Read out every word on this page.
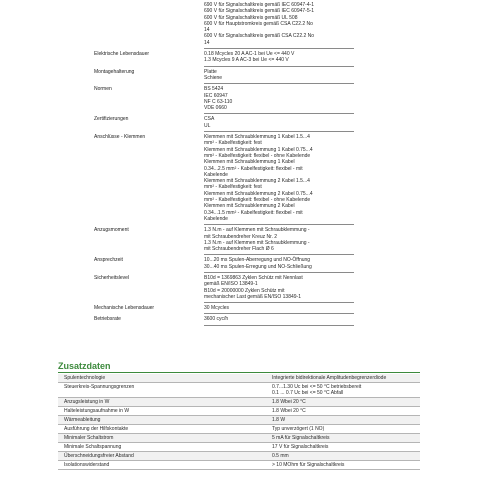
690 V für Signalschaltkreis gemäß IEC 60947-4-1
690 V für Signalschaltkreis gemäß IEC 60947-5-1
600 V für Signalschaltkreis gemäß UL 508
600 V für Hauptstromkreis gemäß CSA C22.2 No
14
600 V für Signalschaltkreis gemäß CSA C22.2 No
14
Elektrische Lebensdauer	0.18 Mcycles 20 A AC-1 bei Ue <= 440 V
1.3 Mcycles 9 A AC-3 bei Ue <= 440 V
Montagehalterung	Platte
Schiene
Normen	BS 5424
IEC 60947
NF C 63-110
VDE 0660
Zertifizierungen	CSA
UL
Anschlüsse - Klemmen	Klemmen mit Schraubklemmung 1 Kabel 1.5...4
mm² - Kabelfestigkeit: fest
Klemmen mit Schraubklemmung 1 Kabel 0.75...4
mm² - Kabelfestigkeit: flexibel - ohne Kabelende
Klemmen mit Schraubklemmung 1 Kabel
0.34...2.5 mm² - Kabelfestigkeit: flexibel - mit
Kabelende
Klemmen mit Schraubklemmung 2 Kabel 1.5...4
mm² - Kabelfestigkeit: fest
Klemmen mit Schraubklemmung 2 Kabel 0.75...4
mm² - Kabelfestigkeit: flexibel - ohne Kabelende
Klemmen mit Schraubklemmung 2 Kabel
0.34...1.5 mm² - Kabelfestigkeit: flexibel - mit
Kabelende
Anzugsmoment	1.3 N.m - auf Klemmen mit Schraubklemmung -
mit Schraubendreher Kreuz Nr. 2
1.3 N.m - auf Klemmen mit Schraubklemmung -
mit Schraubendreher Flach Ø 6
Ansprechzeit	10...20 ms Spulen-Aberregung und NO-Öffnung
30...40 ms Spulen-Erregung und NO-Schließung
Sicherheitslevel	B10d = 1369863 Zyklen Schütz mit Nennlast
gemäß EN/ISO 13849-1
B10d = 20000000 Zyklen Schütz mit
mechanischer Last gemäß EN/ISO 13849-1
Mechanische Lebensdauer	30 Mcycles
Betriebsrate	3600 cyc/h
Zusatzdaten
Spulentechnologie	Integrierte bidirektionale Amplitudenbegrenzerdiode
Steuerkreis-Spannungsgrenzen	0.7...1.30 Uc bei <= 50 °C betriebsbereit
0.1 ... 0.7 Uc bei <= 50 °C Abfall
Anzugsleistung in W	1.8 Wbei 20 °C
Halteleistungsaufnahme in W	1.8 Wbei 20 °C
Wärmeableitung	1.8 W
Ausführung der Hilfskontakte	Typ unverzögert (1 NO)
Minimaler Schaltstrom	5 mA für Signalschaltkreis
Minimale Schaltspannung	17 V für Signalschaltkreis
Überschneidungsfreier Abstand	0.5 mm
Isolationswiderstand	> 10 MOhm für Signalschaltkreis
